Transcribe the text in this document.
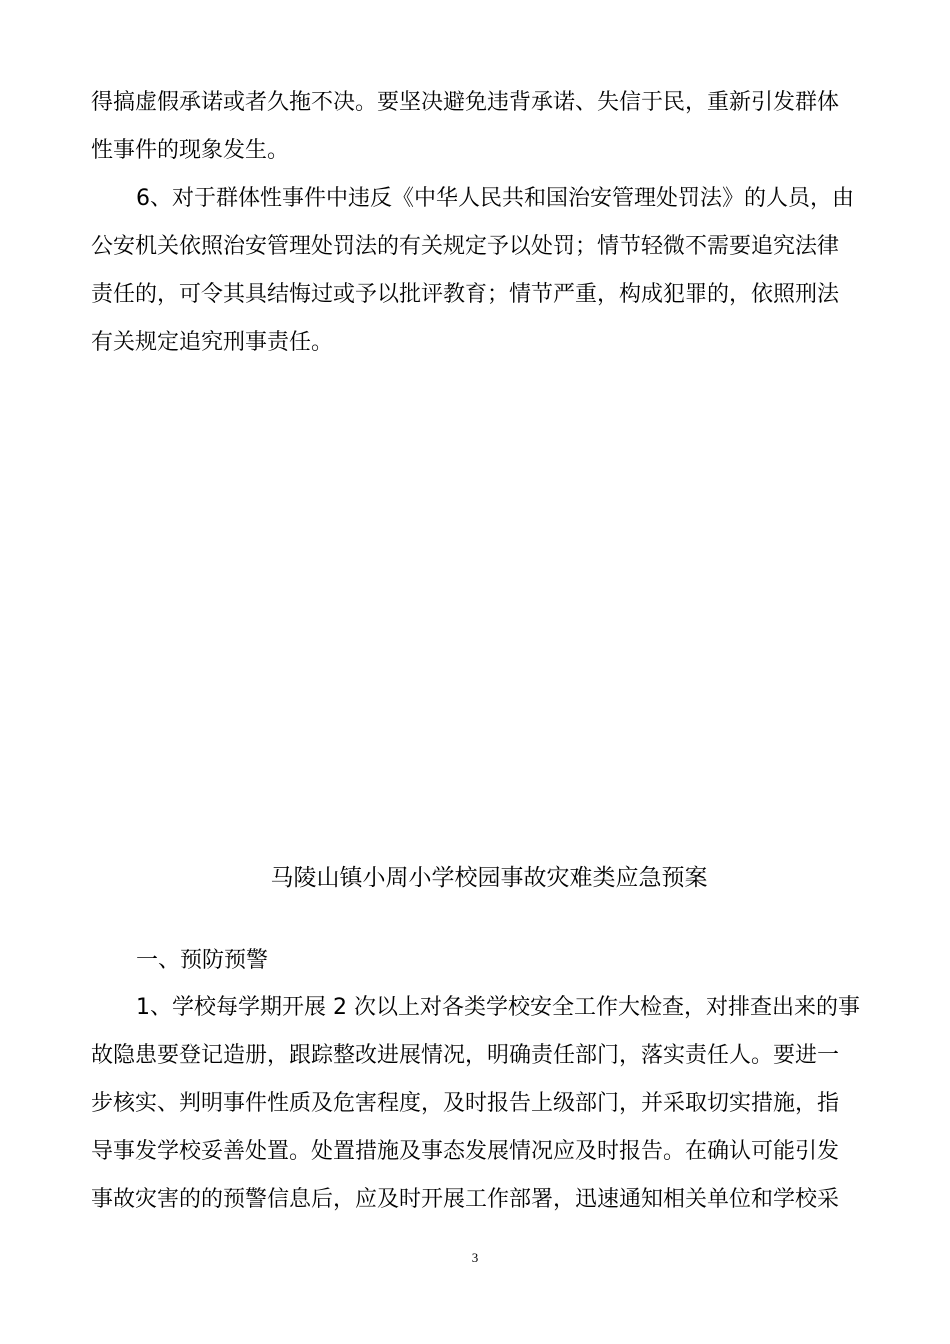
得搞虚假承诺或者久拖不决。要坚决避免违背承诺、失信于民，重新引发群体
性事件的现象发生。
6、对于群体性事件中违反《中华人民共和国治安管理处罚法》的人员，由
公安机关依照治安管理处罚法的有关规定予以处罚；情节轻微不需要追究法律
责任的，可令其具结悔过或予以批评教育；情节严重，构成犯罪的，依照刑法
有关规定追究刑事责任。
马陵山镇小周小学校园事故灾难类应急预案
一、预防预警
1、学校每学期开展 2 次以上对各类学校安全工作大检查，对排查出来的事
故隐患要登记造册，跟踪整改进展情况，明确责任部门，落实责任人。要进一
步核实、判明事件性质及危害程度，及时报告上级部门，并采取切实措施，指
导事发学校妥善处置。处置措施及事态发展情况应及时报告。在确认可能引发
事故灾害的的预警信息后，应及时开展工作部署，迅速通知相关单位和学校采
3
